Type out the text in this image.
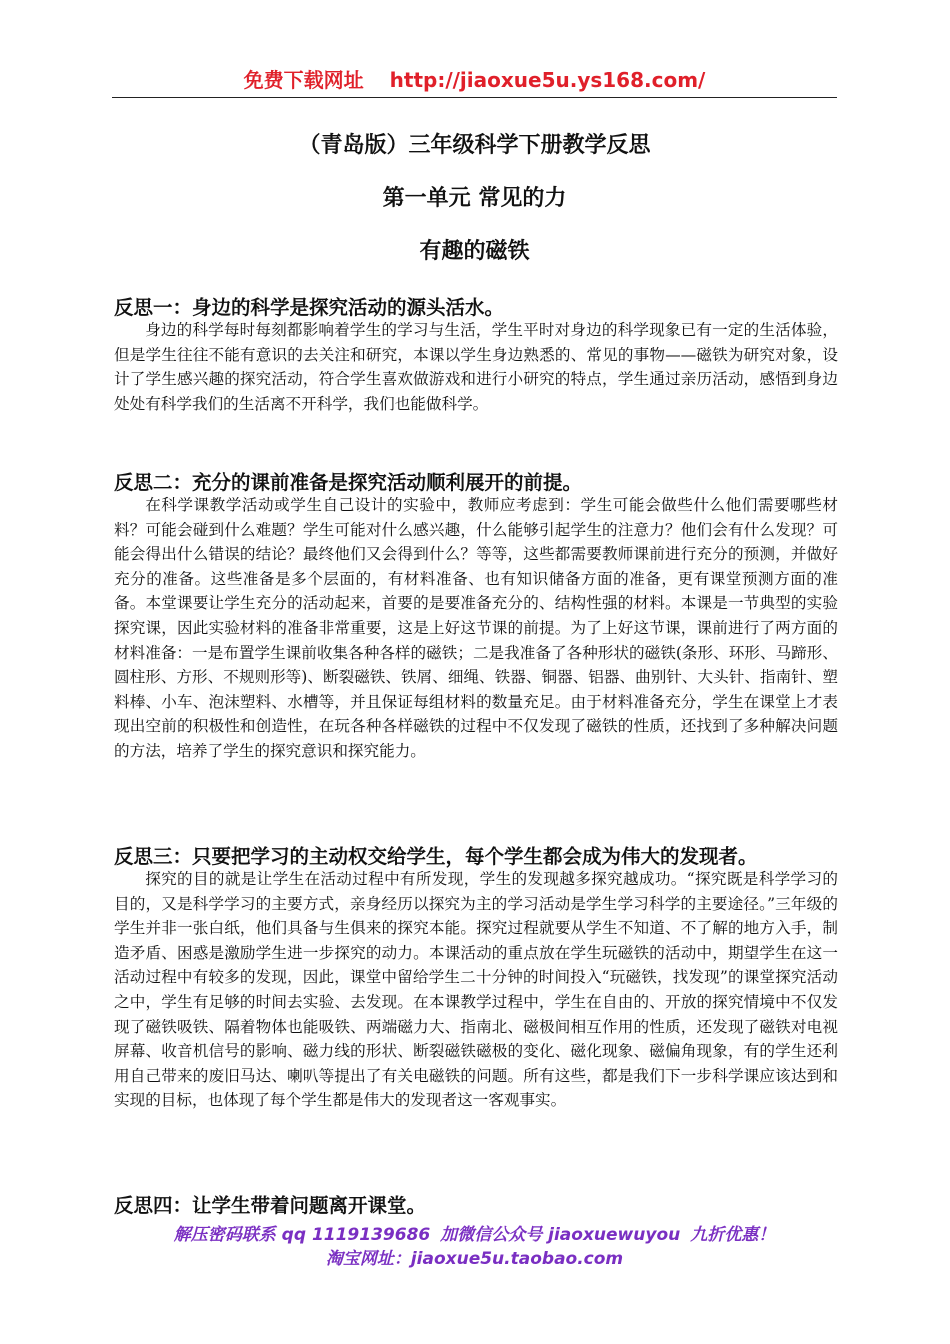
免费下载网址 http://jiaoxue5u.ys168.com/
（青岛版）三年级科学下册教学反思
第一单元 常见的力
有趣的磁铁
反思一：身边的科学是探究活动的源头活水。
身边的科学每时每刻都影响着学生的学习与生活，学生平时对身边的科学现象已有一定的生活体验，但是学生往往不能有意识的去关注和研究，本课以学生身边熟悉的、常见的事物——磁铁为研究对象，设计了学生感兴趣的探究活动，符合学生喜欢做游戏和进行小研究的特点，学生通过亲历活动，感悟到身边处处有科学我们的生活离不开科学，我们也能做科学。
反思二：充分的课前准备是探究活动顺利展开的前提。
在科学课教学活动或学生自己设计的实验中，教师应考虑到：学生可能会做些什么他们需要哪些材料？可能会碰到什么难题？学生可能对什么感兴趣，什么能够引起学生的注意力？他们会有什么发现？可能会得出什么错误的结论？最终他们又会得到什么？等等，这些都需要教师课前进行充分的预测，并做好充分的准备。这些准备是多个层面的，有材料准备、也有知识储备方面的准备，更有课堂预测方面的准备。本堂课要让学生充分的活动起来，首要的是要准备充分的、结构性强的材料。本课是一节典型的实验探究课，因此实验材料的准备非常重要，这是上好这节课的前提。为了上好这节课，课前进行了两方面的材料准备：一是布置学生课前收集各种各样的磁铁；二是我准备了各种形状的磁铁(条形、环形、马蹄形、圆柱形、方形、不规则形等)、断裂磁铁、铁屑、细绳、铁器、铜器、铝器、曲别针、大头针、指南针、塑料棒、小车、泡沫塑料、水槽等，并且保证每组材料的数量充足。由于材料准备充分，学生在课堂上才表现出空前的积极性和创造性，在玩各种各样磁铁的过程中不仅发现了磁铁的性质，还找到了多种解决问题的方法，培养了学生的探究意识和探究能力。
反思三：只要把学习的主动权交给学生，每个学生都会成为伟大的发现者。
探究的目的就是让学生在活动过程中有所发现，学生的发现越多探究越成功。“探究既是科学学习的目的，又是科学学习的主要方式，亲身经历以探究为主的学习活动是学生学习科学的主要途径。”三年级的学生并非一张白纸，他们具备与生俱来的探究本能。探究过程就要从学生不知道、不了解的地方入手，制造矛盾、困惑是激励学生进一步探究的动力。本课活动的重点放在学生玩磁铁的活动中，期望学生在这一活动过程中有较多的发现，因此，课堂中留给学生二十分钟的时间投入“玩磁铁，找发现”的课堂探究活动之中，学生有足够的时间去实验、去发现。在本课教学过程中，学生在自由的、开放的探究情境中不仅发现了磁铁吸铁、隔着物体也能吸铁、两端磁力大、指南北、磁极间相互作用的性质，还发现了磁铁对电视屏幕、收音机信号的影响、磁力线的形状、断裂磁铁磁极的变化、磁化现象、磁偏角现象，有的学生还利用自己带来的废旧马达、喇叭等提出了有关电磁铁的问题。所有这些，都是我们下一步科学课应该达到和实现的目标，也体现了每个学生都是伟大的发现者这一客观事实。
反思四：让学生带着问题离开课堂。
解压密码联系 qq 1119139686 加微信公众号 jiaoxuewuyou 九折优惠！
淘宝网址：jiaoxue5u.taobao.com
